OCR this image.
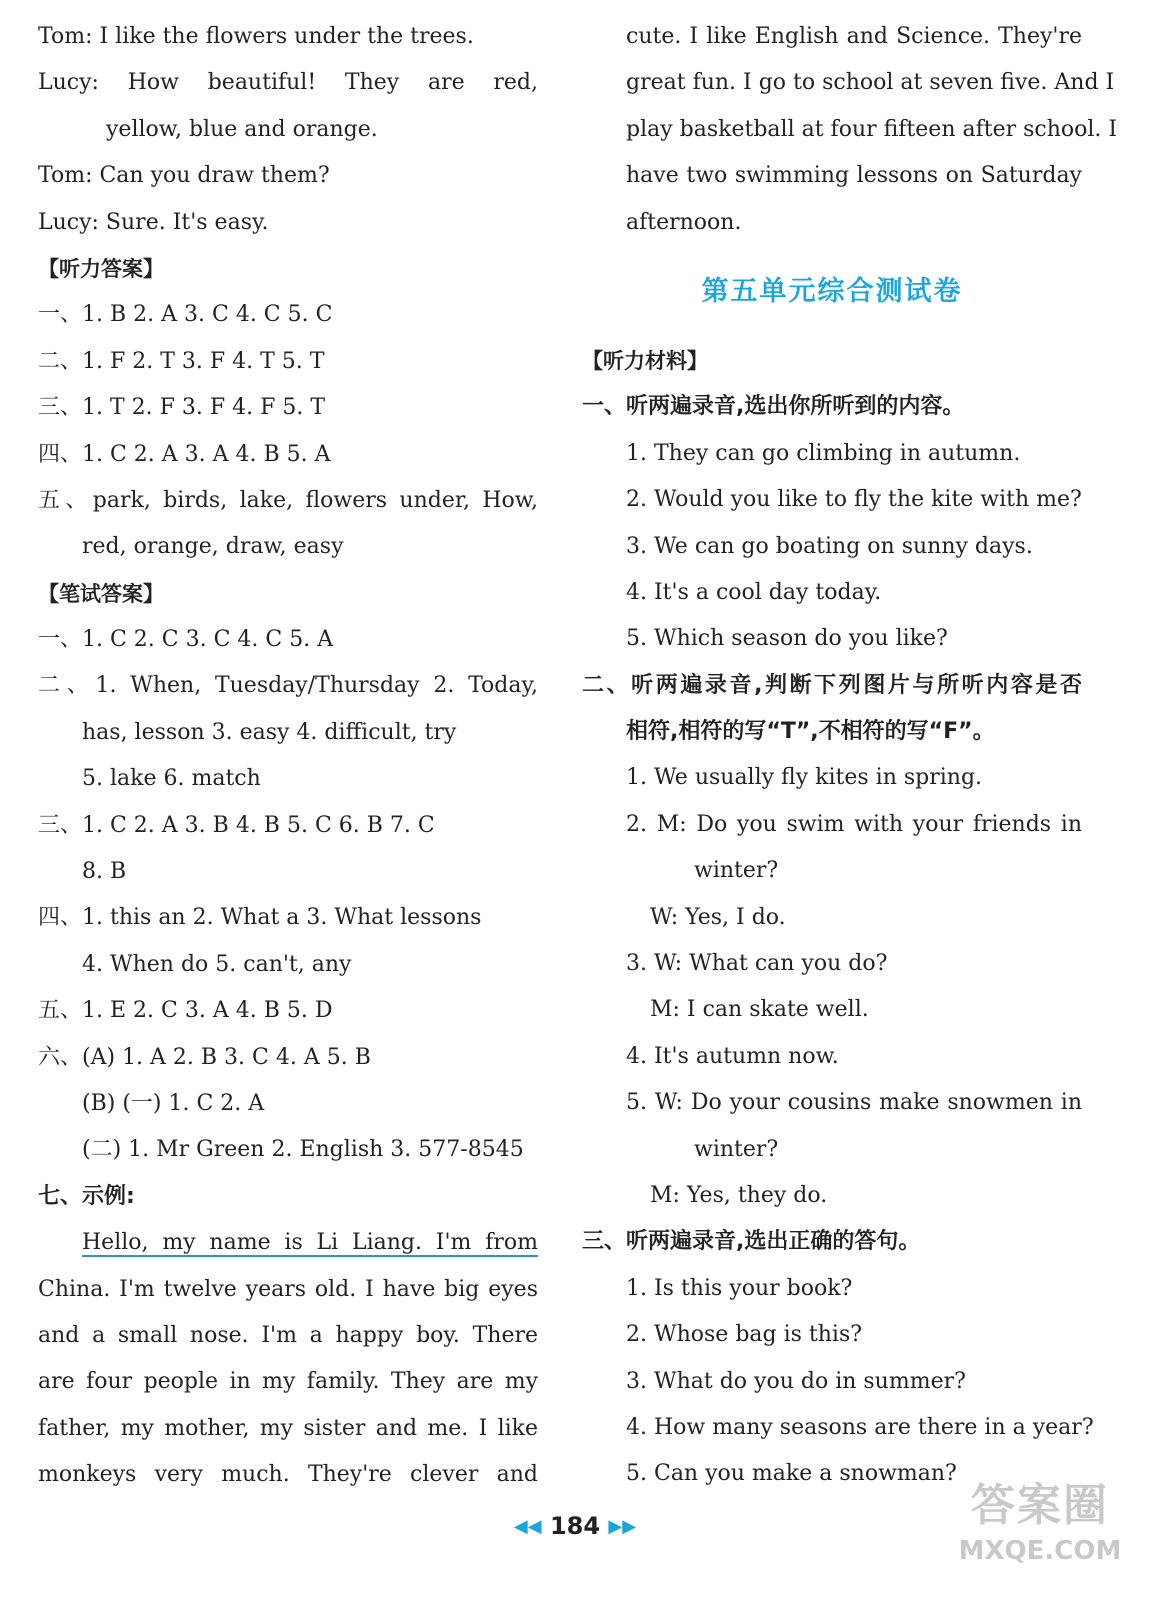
Tom: I like the flowers under the trees.
Lucy: How beautiful! They are red,
yellow, blue and orange.
Tom: Can you draw them?
Lucy: Sure. It's easy.
【听力答案】
一、1. B 2. A 3. C 4. C 5. C
二、1. F 2. T 3. F 4. T 5. T
三、1. T 2. F 3. F 4. F 5. T
四、1. C 2. A 3. A 4. B 5. A
五、park, birds, lake, flowers under, How,
red, orange, draw, easy
【笔试答案】
一、1. C 2. C 3. C 4. C 5. A
二、1. When, Tuesday/Thursday 2. Today,
has, lesson 3. easy 4. difficult, try
5. lake 6. match
三、1. C 2. A 3. B 4. B 5. C 6. B 7. C
8. B
四、1. this an 2. What a 3. What lessons
4. When do 5. can't, any
五、1. E 2. C 3. A 4. B 5. D
六、(A) 1. A 2. B 3. C 4. A 5. B
(B) (一) 1. C 2. A
(二) 1. Mr Green 2. English 3. 577-8545
七、示例:
Hello, my name is Li Liang. I'm from
China. I'm twelve years old. I have big eyes
and a small nose. I'm a happy boy. There
are four people in my family. They are my
father, my mother, my sister and me. I like
monkeys very much. They're clever and
cute. I like English and Science. They're
great fun. I go to school at seven five. And I
play basketball at four fifteen after school. I
have two swimming lessons on Saturday
afternoon.
第五单元综合测试卷
【听力材料】
一、听两遍录音,选出你所听到的内容。
1. They can go climbing in autumn.
2. Would you like to fly the kite with me?
3. We can go boating on sunny days.
4. It's a cool day today.
5. Which season do you like?
二、听两遍录音,判断下列图片与所听内容是否
相符,相符的写“T”,不相符的写“F”。
1. We usually fly kites in spring.
2. M: Do you swim with your friends in
winter?
W: Yes, I do.
3. W: What can you do?
M: I can skate well.
4. It's autumn now.
5. W: Do your cousins make snowmen in
winter?
M: Yes, they do.
三、听两遍录音,选出正确的答句。
1. Is this your book?
2. Whose bag is this?
3. What do you do in summer?
4. How many seasons are there in a year?
5. Can you make a snowman?
◀◀ 184 ▶▶	答案圈
MXQE.COM
